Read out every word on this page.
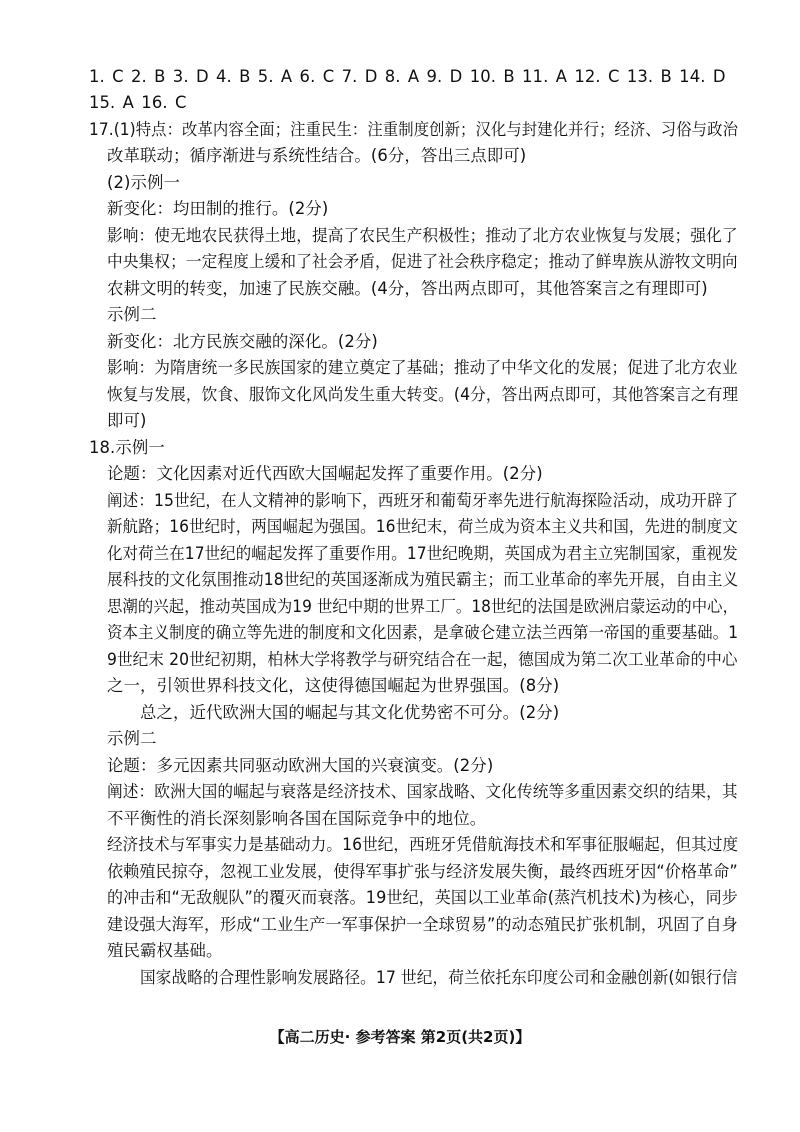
1. C 2. B 3. D 4. B 5. A 6. C 7. D 8. A 9. D 10. B 11. A 12. C 13. B 14. D
15. A 16. C
17.(1)特点：改革内容全面；注重民生：注重制度创新；汉化与封建化并行；经济、习俗与政治
改革联动；循序渐进与系统性结合。(6分，答出三点即可)
(2)示例一
新变化：均田制的推行。(2分)
影响：使无地农民获得土地，提高了农民生产积极性；推动了北方农业恢复与发展；强化了
中央集权；一定程度上缓和了社会矛盾，促进了社会秩序稳定；推动了鲜卑族从游牧文明向
农耕文明的转变，加速了民族交融。(4分，答出两点即可，其他答案言之有理即可)
示例二
新变化：北方民族交融的深化。(2分)
影响：为隋唐统一多民族国家的建立奠定了基础；推动了中华文化的发展；促进了北方农业
恢复与发展，饮食、服饰文化风尚发生重大转变。(4分，答出两点即可，其他答案言之有理
即可)
18.示例一
论题：文化因素对近代西欧大国崛起发挥了重要作用。(2分)
阐述：15世纪，在人文精神的影响下，西班牙和葡萄牙率先进行航海探险活动，成功开辟了
新航路；16世纪时，两国崛起为强国。16世纪末，荷兰成为资本主义共和国，先进的制度文
化对荷兰在17世纪的崛起发挥了重要作用。17世纪晚期，英国成为君主立宪制国家，重视发
展科技的文化氛围推动18世纪的英国逐渐成为殖民霸主；而工业革命的率先开展，自由主义
思潮的兴起，推动英国成为19 世纪中期的世界工厂。18世纪的法国是欧洲启蒙运动的中心，
资本主义制度的确立等先进的制度和文化因素，是拿破仑建立法兰西第一帝国的重要基础。1
9世纪末 20世纪初期，柏林大学将教学与研究结合在一起，德国成为第二次工业革命的中心
之一，引领世界科技文化，这使得德国崛起为世界强国。(8分)
总之，近代欧洲大国的崛起与其文化优势密不可分。(2分)
示例二
论题：多元因素共同驱动欧洲大国的兴衰演变。(2分)
阐述：欧洲大国的崛起与衰落是经济技术、国家战略、文化传统等多重因素交织的结果，其
不平衡性的消长深刻影响各国在国际竞争中的地位。
经济技术与军事实力是基础动力。16世纪，西班牙凭借航海技术和军事征服崛起，但其过度
依赖殖民掠夺，忽视工业发展，使得军事扩张与经济发展失衡，最终西班牙因“价格革命”
的冲击和“无敌舰队”的覆灭而衰落。19世纪，英国以工业革命(蒸汽机技术)为核心，同步
建设强大海军，形成“工业生产一军事保护一全球贸易”的动态殖民扩张机制，巩固了自身
殖民霸权基础。
国家战略的合理性影响发展路径。17 世纪，荷兰依托东印度公司和金融创新(如银行信
【高二历史· 参考答案 第2页(共2页)】
